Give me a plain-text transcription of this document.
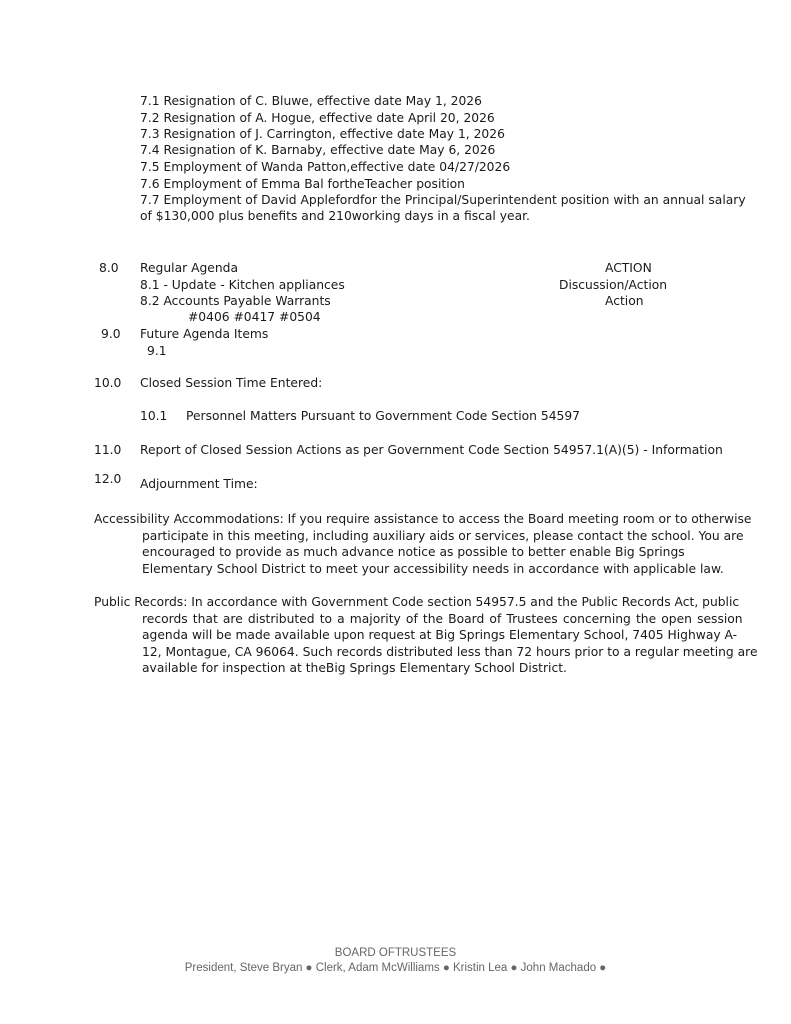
7.1 Resignation of C. Bluwe, effective date May 1, 2026
7.2 Resignation of A. Hogue, effective date April 20, 2026
7.3 Resignation of J. Carrington, effective date May 1, 2026
7.4 Resignation of K. Barnaby, effective date May 6, 2026
7.5 Employment of Wanda Patton,effective date 04/27/2026
7.6 Employment of Emma Bal fortheTeacher position
7.7 Employment of David Applefordfor the Principal/Superintendent position with an annual salary
of $130,000 plus benefits and 210working days in a fiscal year.
8.0 Regular Agenda	ACTION
8.1 - Update - Kitchen appliances	Discussion/Action
8.2 Accounts Payable Warrants	Action
#0406 #0417 #0504
9.0 Future Agenda Items
9.1
10.0 Closed Session Time Entered:
10.1 Personnel Matters Pursuant to Government Code Section 54597
11.0 Report of Closed Session Actions as per Government Code Section 54957.1(A)(5) - Information
12.0 Adjournment Time:
Accessibility Accommodations: If you require assistance to access the Board meeting room or to otherwise
participate in this meeting, including auxiliary aids or services, please contact the school. You are
encouraged to provide as much advance notice as possible to better enable Big Springs
Elementary School District to meet your accessibility needs in accordance with applicable law.
Public Records: In accordance with Government Code section 54957.5 and the Public Records Act, public
records that are distributed to a majority of the Board of Trustees concerning the open session
agenda will be made available upon request at Big Springs Elementary School, 7405 Highway A-
12, Montague, CA 96064. Such records distributed less than 72 hours prior to a regular meeting are
available for inspection at theBig Springs Elementary School District.
BOARD OFTRUSTEES
President, Steve Bryan ● Clerk, Adam McWilliams ● Kristin Lea ● John Machado ●
